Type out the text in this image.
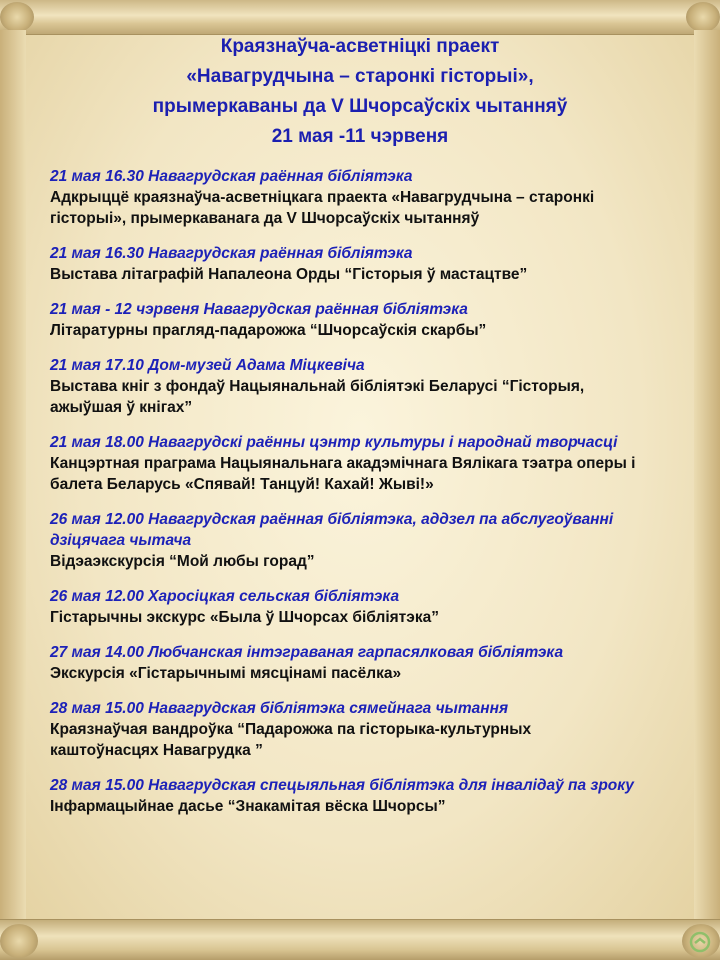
Краязнаўча-асветніцкі праект
«Навагрудчына – старонкі гісторыі»,
прымеркаваны да V Шчорсаўскіх чытанняў
21 мая -11 чэрвеня
21 мая 16.30 Навагрудская раённая бібліятэка
Адкрыццё краязнаўча-асветніцкага праекта «Навагрудчына – старонкі
гісторыі», прымеркаванага да V Шчорсаўскіх чытанняў
21 мая 16.30 Навагрудская раённая бібліятэка
Выстава літаграфій Напалеона Орды “Гісторыя ў мастацтве”
21 мая - 12 чэрвеня Навагрудская раённая бібліятэка
Літаратурны прагляд-падарожжа “Шчорсаўскія скарбы”
21 мая 17.10 Дом-музей Адама Міцкевіча
Выстава кніг з фондаў Нацыянальнай бібліятэкі Беларусі “Гісторыя,
ажыўшая ў кнігах”
21 мая 18.00 Навагрудскі раённы цэнтр культуры і народнай творчасці
Канцэртная праграма Нацыянальнага акадэмічнага Вялікага тэатра оперы і
балета Беларусь «Спявай! Танцуй! Кахай! Жыві!»
26 мая 12.00 Навагрудская раённая бібліятэка, аддзел па абслугоўванні
дзіцячага чытача
Відэаэкскурсія “Мой любы горад”
26 мая 12.00 Харосіцкая сельская бібліятэка
Гістарычны экскурс «Была ў Шчорсах бібліятэка”
27 мая 14.00 Любчанская інтэграваная гарпасялковая бібліятэка
Экскурсія «Гістарычнымі мясцінамі пасёлка»
28 мая 15.00 Навагрудская бібліятэка сямейнага чытання
Краязнаўчая вандроўка “Падарожжа па гісторыка-культурных
каштоўнасцях Навагрудка ”
28 мая 15.00 Навагрудская спецыяльная бібліятэка для інвалідаў па зроку
Інфармацыйнае дасье “Знакамітая вёска Шчорсы”
